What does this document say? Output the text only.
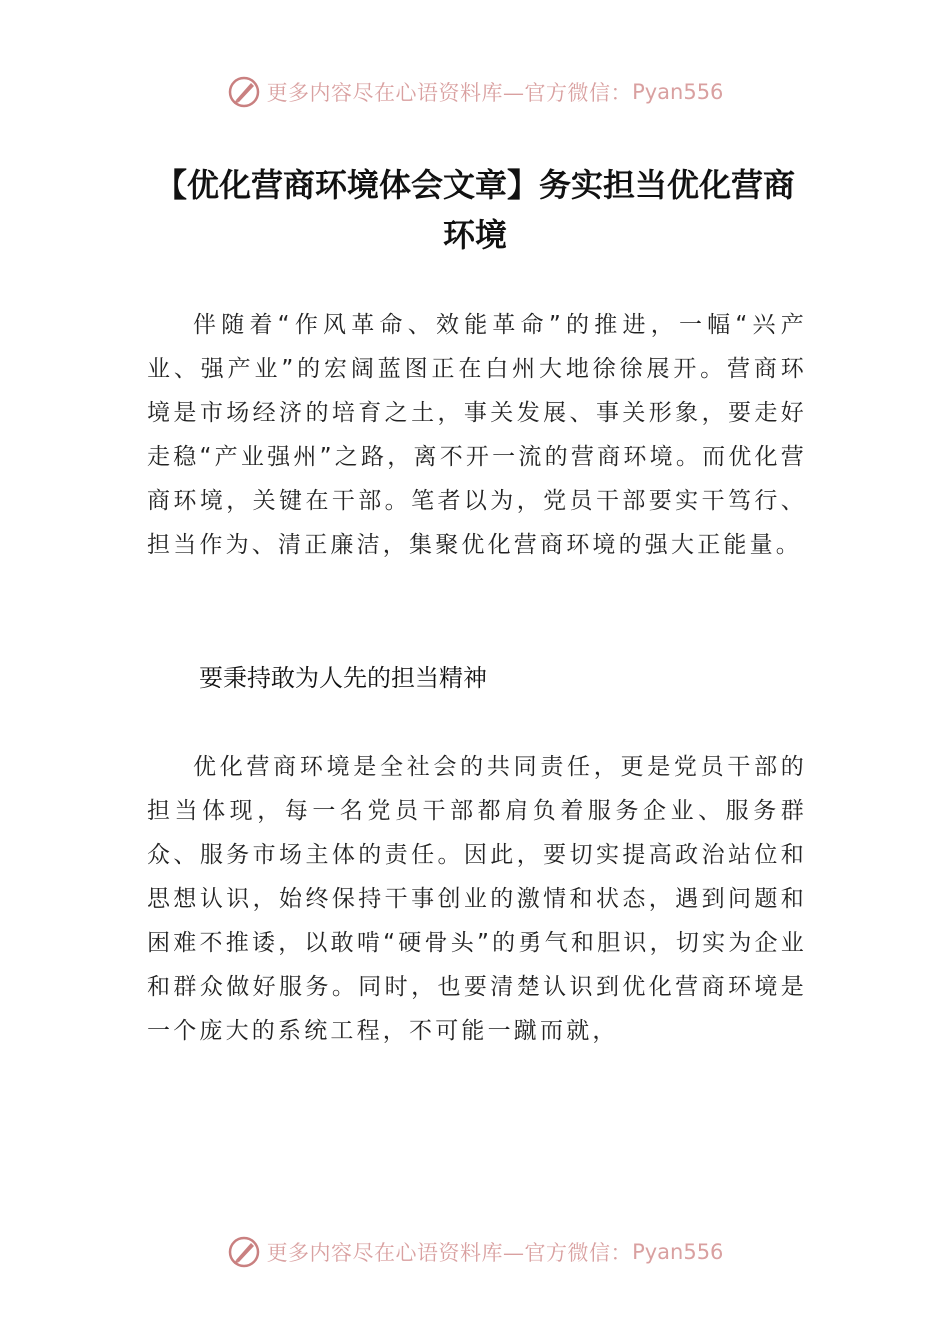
更多内容尽在心语资料库—官方微信： Pyan556
【优化营商环境体会文章】务实担当优化营商环境
伴随着“作风革命、效能革命”的推进，一幅“兴产业、强产业”的宏阔蓝图正在白州大地徐徐展开。营商环境是市场经济的培育之土，事关发展、事关形象，要走好走稳“产业强州”之路，离不开一流的营商环境。而优化营商环境，关键在干部。笔者以为，党员干部要实干笃行、担当作为、清正廉洁，集聚优化营商环境的强大正能量。
要秉持敢为人先的担当精神
优化营商环境是全社会的共同责任，更是党员干部的担当体现，每一名党员干部都肩负着服务企业、服务群众、服务市场主体的责任。因此，要切实提高政治站位和思想认识，始终保持干事创业的激情和状态，遇到问题和困难不推诿，以敢啃“硬骨头”的勇气和胆识，切实为企业和群众做好服务。同时，也要清楚认识到优化营商环境是一个庞大的系统工程，不可能一蹴而就，
更多内容尽在心语资料库—官方微信： Pyan556
